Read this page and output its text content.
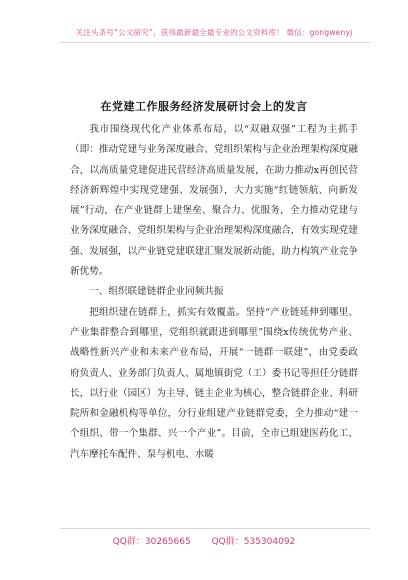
关注头条号“公文研究”，获得最新最全最专业的公文资料库！ 微信：gongwenyj
在党建工作服务经济发展研讨会上的发言

我市围绕现代化产业体系布局，以“双融双强”工程为主抓手（即：推动党建与业务深度融合、党组织架构与企业治理架构深度融合，以高质量党建促进民营经济高质量发展，在助力推动x再创民营经济新辉煌中实现党建强、发展强），大力实施“红链领航、向新发展”行动，在产业链群上建堡垒、聚合力、优服务，全力推动党建与业务深度融合、党组织架构与企业治理架构深度融合，有效实现党建强、发展强，以产业链党建联建汇聚发展新动能，助力构筑产业竞争新优势。

一、组织联建链群企业同频共振

把组织建在链群上，抓实有效覆盖。坚持“产业链延伸到哪里、产业集群整合到哪里，党组织就跟进到哪里”围绕x传统优势产业、战略性新兴产业和未来产业布局，开展“一链群一联建”，由党委政府负责人、业务部门负责人、属地镇街党（工）委书记等担任分链群长，以行业（园区）为主导、链主企业为核心，整合链群企业、科研院所和金融机构等单位，分行业组建产业链群党委，全力推动“建一个组织、带一个集群、兴一个产业”。目前，全市已组建医药化工、汽车摩托车配件、泵与机电、水暖

QQ群：30265665 QQ群：535304092
